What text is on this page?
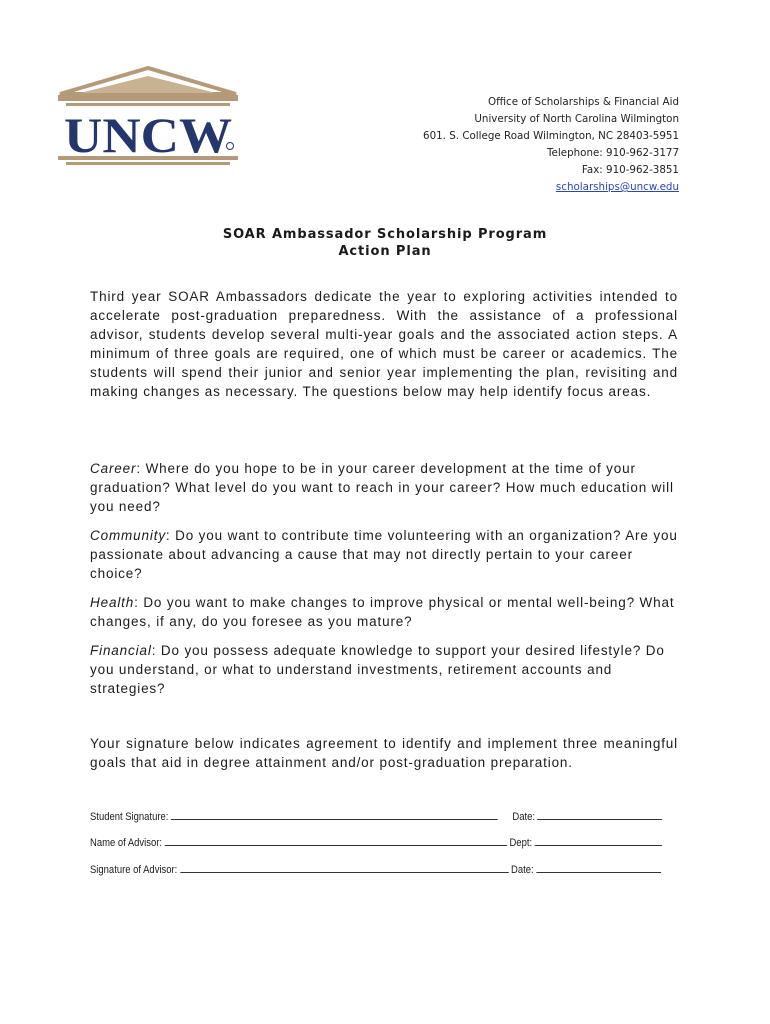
UNCW
Office of Scholarships & Financial Aid
University of North Carolina Wilmington
601. S. College Road Wilmington, NC 28403-5951
Telephone: 910-962-3177
Fax: 910-962-3851
scholarships@uncw.edu
SOAR Ambassador Scholarship Program
Action Plan
Third year SOAR Ambassadors dedicate the year to exploring activities intended to accelerate post-graduation preparedness. With the assistance of a professional advisor, students develop several multi-year goals and the associated action steps. A minimum of three goals are required, one of which must be career or academics. The students will spend their junior and senior year implementing the plan, revisiting and making changes as necessary. The questions below may help identify focus areas.

Career: Where do you hope to be in your career development at the time of your graduation? What level do you want to reach in your career? How much education will you need?

Community: Do you want to contribute time volunteering with an organization? Are you passionate about advancing a cause that may not directly pertain to your career choice?

Health: Do you want to make changes to improve physical or mental well-being? What changes, if any, do you foresee as you mature?

Financial: Do you possess adequate knowledge to support your desired lifestyle? Do you understand, or what to understand investments, retirement accounts and strategies?

Your signature below indicates agreement to identify and implement three meaningful goals that aid in degree attainment and/or post-graduation preparation.
Student Signature:	Date:
Name of Advisor:	Dept:
Signature of Advisor:	Date:
